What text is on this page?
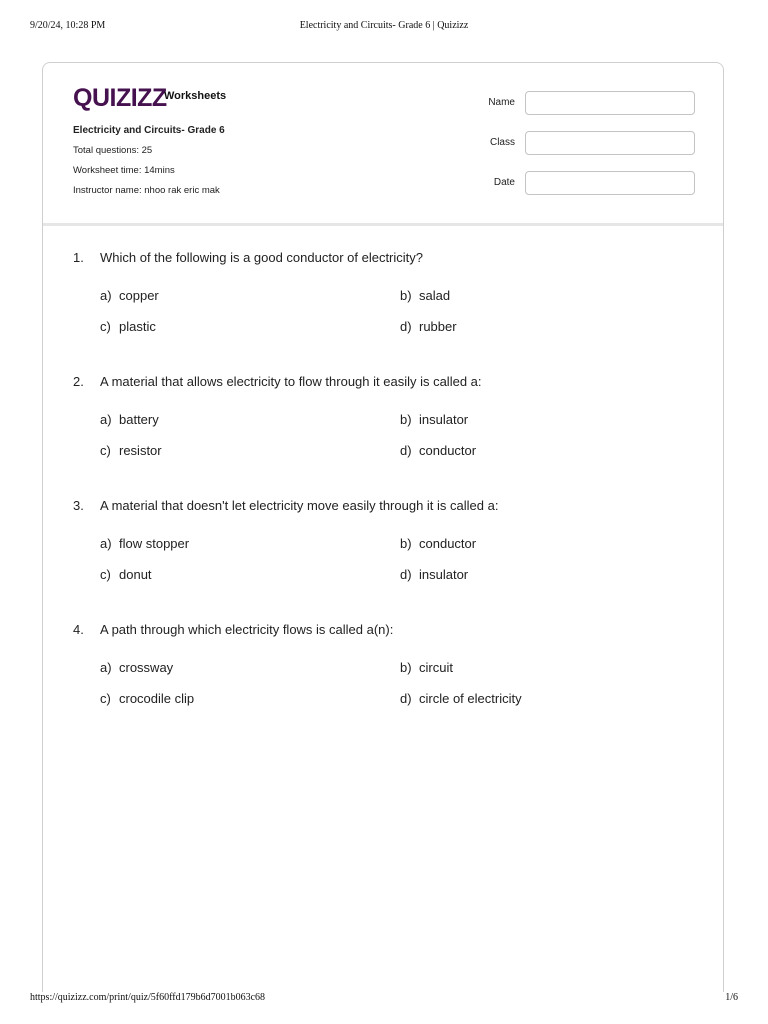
9/20/24, 10:28 PM	Electricity and Circuits- Grade 6 | Quizizz
QUIZIZZ
Worksheets
Electricity and Circuits- Grade 6
Total questions: 25
Worksheet time: 14mins
Instructor name: nhoo rak eric mak
Name
Class
Date
1. Which of the following is a good conductor of electricity?
a) copper	b) salad
c) plastic	d) rubber
2. A material that allows electricity to flow through it easily is called a:
a) battery	b) insulator
c) resistor	d) conductor
3. A material that doesn't let electricity move easily through it is called a:
a) flow stopper	b) conductor
c) donut	d) insulator
4. A path through which electricity flows is called a(n):
a) crossway	b) circuit
c) crocodile clip	d) circle of electricity
https://quizizz.com/print/quiz/5f60ffd179b6d7001b063c68	1/6
